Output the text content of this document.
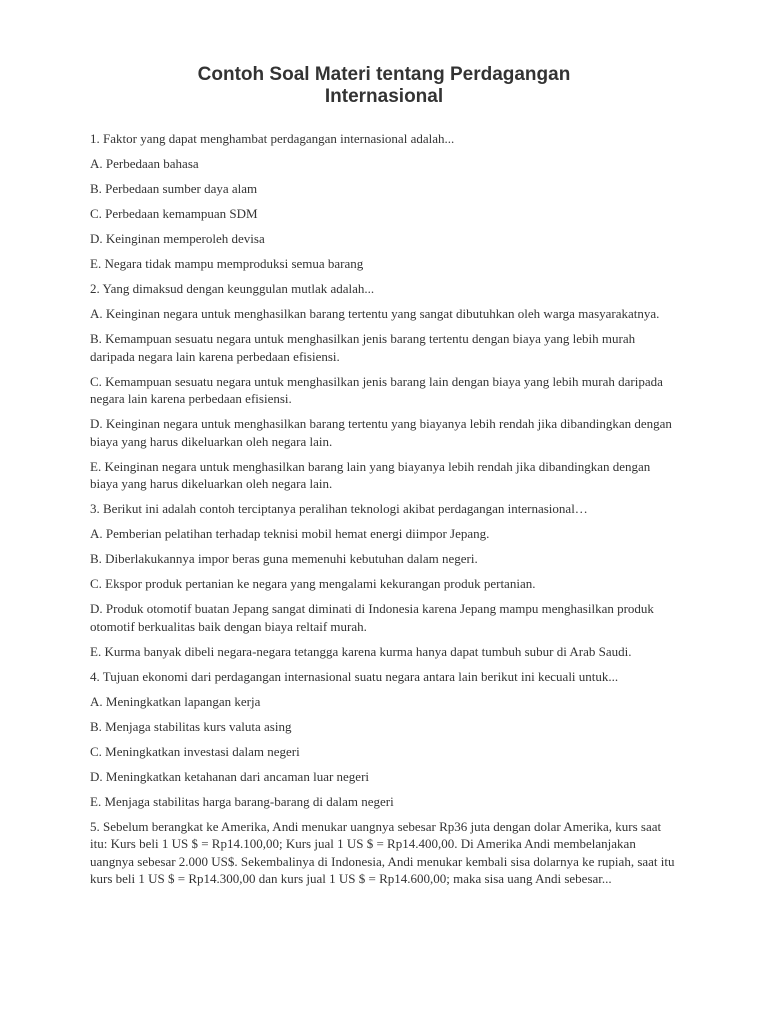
Contoh Soal Materi tentang Perdagangan Internasional

1. Faktor yang dapat menghambat perdagangan internasional adalah...

A. Perbedaan bahasa

B. Perbedaan sumber daya alam

C. Perbedaan kemampuan SDM

D. Keinginan memperoleh devisa

E. Negara tidak mampu memproduksi semua barang

2. Yang dimaksud dengan keunggulan mutlak adalah...

A. Keinginan negara untuk menghasilkan barang tertentu yang sangat dibutuhkan oleh warga masyarakatnya.

B. Kemampuan sesuatu negara untuk menghasilkan jenis barang tertentu dengan biaya yang lebih murah daripada negara lain karena perbedaan efisiensi.

C. Kemampuan sesuatu negara untuk menghasilkan jenis barang lain dengan biaya yang lebih murah daripada negara lain karena perbedaan efisiensi.

D. Keinginan negara untuk menghasilkan barang tertentu yang biayanya lebih rendah jika dibandingkan dengan biaya yang harus dikeluarkan oleh negara lain.

E. Keinginan negara untuk menghasilkan barang lain yang biayanya lebih rendah jika dibandingkan dengan biaya yang harus dikeluarkan oleh negara lain.

3. Berikut ini adalah contoh terciptanya peralihan teknologi akibat perdagangan internasional…

A. Pemberian pelatihan terhadap teknisi mobil hemat energi diimpor Jepang.

B. Diberlakukannya impor beras guna memenuhi kebutuhan dalam negeri.

C. Ekspor produk pertanian ke negara yang mengalami kekurangan produk pertanian.

D. Produk otomotif buatan Jepang sangat diminati di Indonesia karena Jepang mampu menghasilkan produk otomotif berkualitas baik dengan biaya reltaif murah.

E. Kurma banyak dibeli negara-negara tetangga karena kurma hanya dapat tumbuh subur di Arab Saudi.

4. Tujuan ekonomi dari perdagangan internasional suatu negara antara lain berikut ini kecuali untuk...

A. Meningkatkan lapangan kerja

B. Menjaga stabilitas kurs valuta asing

C. Meningkatkan investasi dalam negeri

D. Meningkatkan ketahanan dari ancaman luar negeri

E. Menjaga stabilitas harga barang-barang di dalam negeri

5. Sebelum berangkat ke Amerika, Andi menukar uangnya sebesar Rp36 juta dengan dolar Amerika, kurs saat itu: Kurs beli 1 US $ = Rp14.100,00; Kurs jual 1 US $ = Rp14.400,00. Di Amerika Andi membelanjakan uangnya sebesar 2.000 US$. Sekembalinya di Indonesia, Andi menukar kembali sisa dolarnya ke rupiah, saat itu kurs beli 1 US $ = Rp14.300,00 dan kurs jual 1 US $ = Rp14.600,00; maka sisa uang Andi sebesar...
